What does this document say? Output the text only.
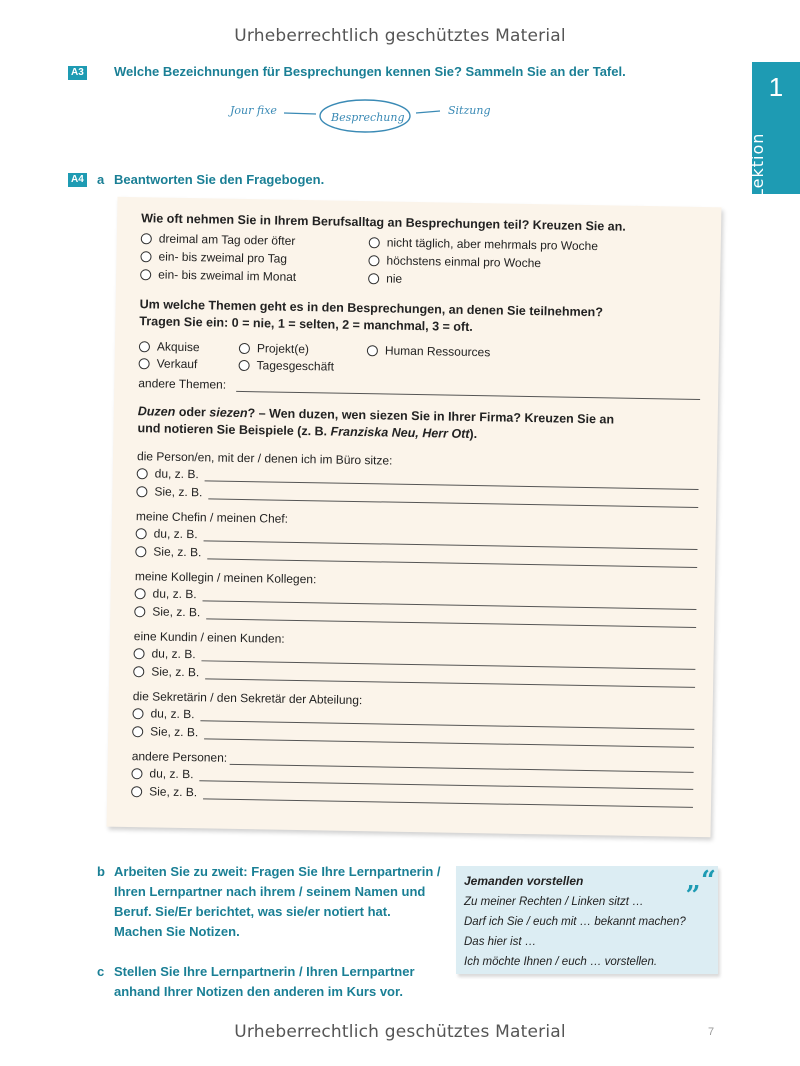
Urheberrechtlich geschütztes Material
1
Lektion
A3 Welche Bezeichnungen für Besprechungen kennen Sie? Sammeln Sie an der Tafel.
Jour fixe
Besprechung
Sitzung
A4 a Beantworten Sie den Fragebogen.
Wie oft nehmen Sie in Ihrem Berufsalltag an Besprechungen teil? Kreuzen Sie an.
dreimal am Tag oder öfter
ein- bis zweimal pro Tag
ein- bis zweimal im Monat
nicht täglich, aber mehrmals pro Woche
höchstens einmal pro Woche
nie
Um welche Themen geht es in den Besprechungen, an denen Sie teilnehmen?
Tragen Sie ein: 0 = nie, 1 = selten, 2 = manchmal, 3 = oft.
Akquise
Verkauf
Projekt(e)
Tagesgeschäft
Human Ressources
andere Themen:
Duzen oder siezen? – Wen duzen, wen siezen Sie in Ihrer Firma? Kreuzen Sie an
und notieren Sie Beispiele (z. B. Franziska Neu, Herr Ott).
die Person/en, mit der / denen ich im Büro sitze:
du, z. B.
Sie, z. B.
meine Chefin / meinen Chef:
du, z. B.
Sie, z. B.
meine Kollegin / meinen Kollegen:
du, z. B.
Sie, z. B.
eine Kundin / einen Kunden:
du, z. B.
Sie, z. B.
die Sekretärin / den Sekretär der Abteilung:
du, z. B.
Sie, z. B.
andere Personen:
du, z. B.
Sie, z. B.
b Arbeiten Sie zu zweit: Fragen Sie Ihre Lernpartnerin /
Ihren Lernpartner nach ihrem / seinem Namen und
Beruf. Sie/Er berichtet, was sie/er notiert hat.
Machen Sie Notizen.
c Stellen Sie Ihre Lernpartnerin / Ihren Lernpartner
anhand Ihrer Notizen den anderen im Kurs vor.
Jemanden vorstellen	„“
Zu meiner Rechten / Linken sitzt …
Darf ich Sie / euch mit … bekannt machen?
Das hier ist …
Ich möchte Ihnen / euch … vorstellen.
Urheberrechtlich geschütztes Material	7
